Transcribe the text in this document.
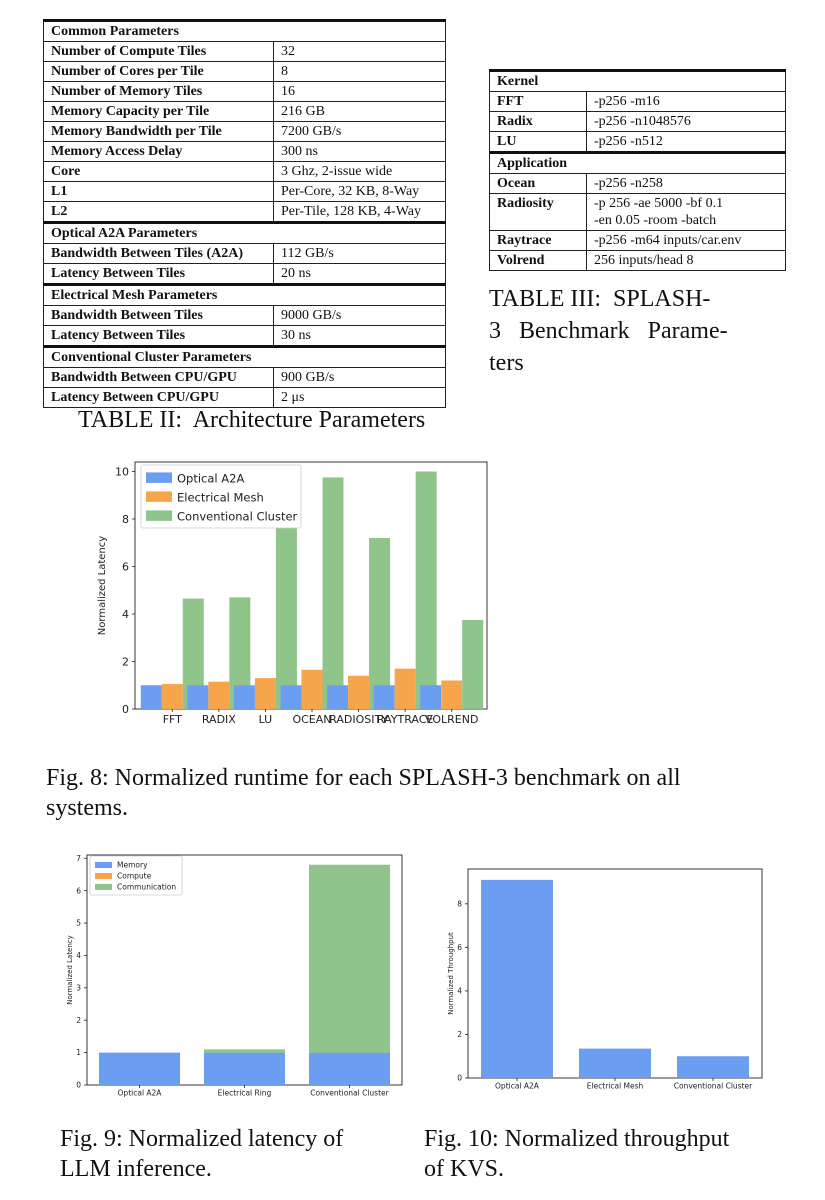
Common Parameters	
Number of Compute Tiles	32
Number of Cores per Tile	8
Number of Memory Tiles	16
Memory Capacity per Tile	216 GB
Memory Bandwidth per Tile	7200 GB/s
Memory Access Delay	300 ns
Core	3 Ghz, 2-issue wide
L1	Per-Core, 32 KB, 8-Way
L2	Per-Tile, 128 KB, 4-Way
Optical A2A Parameters	
Bandwidth Between Tiles (A2A)	112 GB/s
Latency Between Tiles	20 ns
Electrical Mesh Parameters	
Bandwidth Between Tiles	9000 GB/s
Latency Between Tiles	30 ns
Conventional Cluster Parameters	
Bandwidth Between CPU/GPU	900 GB/s
Latency Between CPU/GPU	2 μs
TABLE II:  Architecture Parameters
Kernel	
FFT	-p256 -m16
Radix	-p256 -n1048576
LU	-p256 -n512
Application	
Ocean	-p256 -n258
Radiosity	-p 256 -ae 5000 -bf 0.1
-en 0.05 -room -batch
Raytrace	-p256 -m64 inputs/car.env
Volrend	256 inputs/head 8
TABLE III:  SPLASH-
3   Benchmark   Parame-
ters
0
2
4
6
8
10
Normalized Latency
FFT RADIX LU OCEAN
RADIOSITY
RAYTRACE
VOLREND
Optical A2A
Electrical Mesh
Conventional Cluster
Fig. 8: Normalized runtime for each SPLASH-3 benchmark on all
systems.
0
1
2
3
4
5
6
7
Normalized Latency
Optical A2A	Electrical Ring	Conventional Cluster
Memory
Compute
Communication
Fig. 9: Normalized latency of
LLM inference.
0
2
4
6
8
Normalized Throughput
Optical A2A	Electrical Mesh	Conventional Cluster
Fig. 10: Normalized throughput
of KVS.
